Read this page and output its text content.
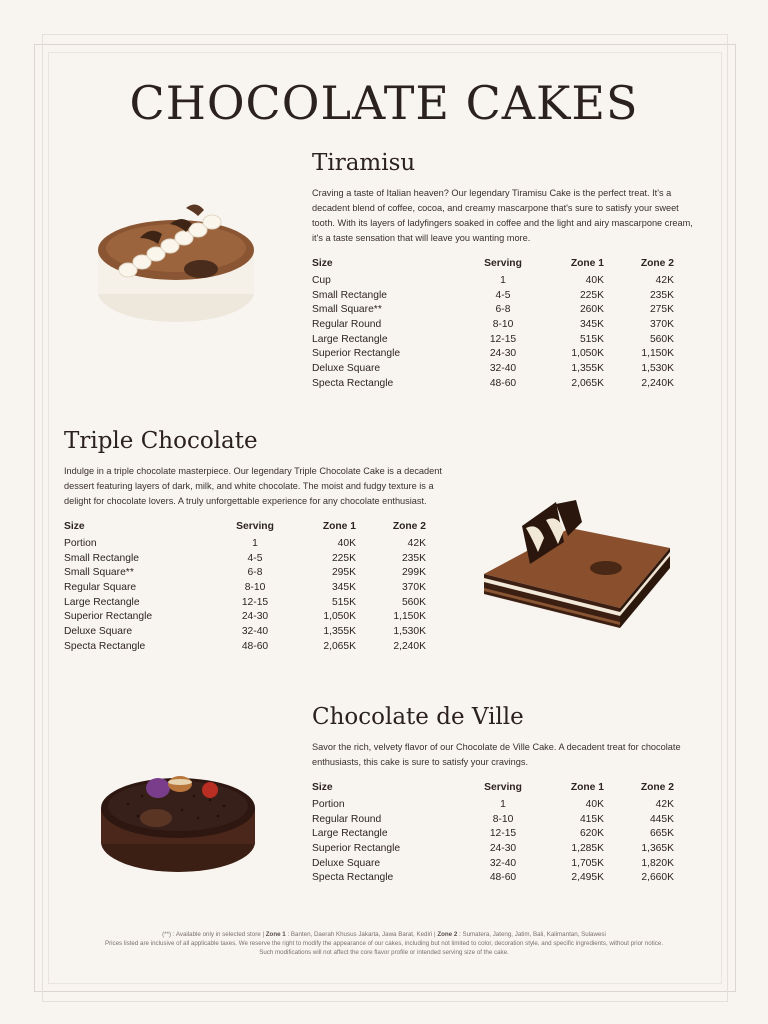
CHOCOLATE CAKES
Tiramisu

Craving a taste of Italian heaven? Our legendary Tiramisu Cake is the perfect treat. It's a decadent blend of coffee, cocoa, and creamy mascarpone that's sure to satisfy your sweet tooth. With its layers of ladyfingers soaked in coffee and the light and airy mascarpone cream, it's a taste sensation that will leave you wanting more.

Size	Serving	Zone 1	Zone 2
Cup	1	40K	42K
Small Rectangle	4-5	225K	235K
Small Square**	6-8	260K	275K
Regular Round	8-10	345K	370K
Large Rectangle	12-15	515K	560K
Superior Rectangle	24-30	1,050K	1,150K
Deluxe Square	32-40	1,355K	1,530K
Specta Rectangle	48-60	2,065K	2,240K
Triple Chocolate

Indulge in a triple chocolate masterpiece. Our legendary Triple Chocolate Cake is a decadent dessert featuring layers of dark, milk, and white chocolate. The moist and fudgy texture is a delight for chocolate lovers. A truly unforgettable experience for any chocolate enthusiast.

Size	Serving	Zone 1	Zone 2
Portion	1	40K	42K
Small Rectangle	4-5	225K	235K
Small Square**	6-8	295K	299K
Regular Square	8-10	345K	370K
Large Rectangle	12-15	515K	560K
Superior Rectangle	24-30	1,050K	1,150K
Deluxe Square	32-40	1,355K	1,530K
Specta Rectangle	48-60	2,065K	2,240K
Chocolate de Ville

Savor the rich, velvety flavor of our Chocolate de Ville Cake. A decadent treat for chocolate enthusiasts, this cake is sure to satisfy your cravings.

Size	Serving	Zone 1	Zone 2
Portion	1	40K	42K
Regular Round	8-10	415K	445K
Large Rectangle	12-15	620K	665K
Superior Rectangle	24-30	1,285K	1,365K
Deluxe Square	32-40	1,705K	1,820K
Specta Rectangle	48-60	2,495K	2,660K
(**) : Available only in selected store | Zone 1 : Banten, Daerah Khusus Jakarta, Jawa Barat, Kediri | Zone 2 : Sumatera, Jateng, Jatim, Bali, Kalimantan, Sulawesi
Prices listed are inclusive of all applicable taxes. We reserve the right to modify the appearance of our cakes, including but not limited to color, decoration style, and specific ingredients, without prior notice. Such modifications will not affect the core flavor profile or intended serving size of the cake.
